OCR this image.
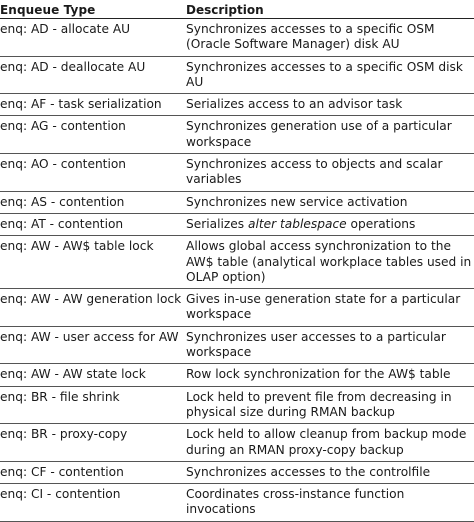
Enqueue Type	Description
enq: AD - allocate AU	Synchronizes accesses to a specific OSM (Oracle Software Manager) disk AU
enq: AD - deallocate AU	Synchronizes accesses to a specific OSM disk AU
enq: AF - task serialization	Serializes access to an advisor task
enq: AG - contention	Synchronizes generation use of a particular workspace
enq: AO - contention	Synchronizes access to objects and scalar variables
enq: AS - contention	Synchronizes new service activation
enq: AT - contention	Serializes alter tablespace operations
enq: AW - AW$ table lock	Allows global access synchronization to the AW$ table (analytical workplace tables used in OLAP option)
enq: AW - AW generation lock	Gives in-use generation state for a particular workspace
enq: AW - user access for AW	Synchronizes user accesses to a particular workspace
enq: AW - AW state lock	Row lock synchronization for the AW$ table
enq: BR - file shrink	Lock held to prevent file from decreasing in physical size during RMAN backup
enq: BR - proxy-copy	Lock held to allow cleanup from backup mode during an RMAN proxy-copy backup
enq: CF - contention	Synchronizes accesses to the controlfile
enq: CI - contention	Coordinates cross-instance function invocations
